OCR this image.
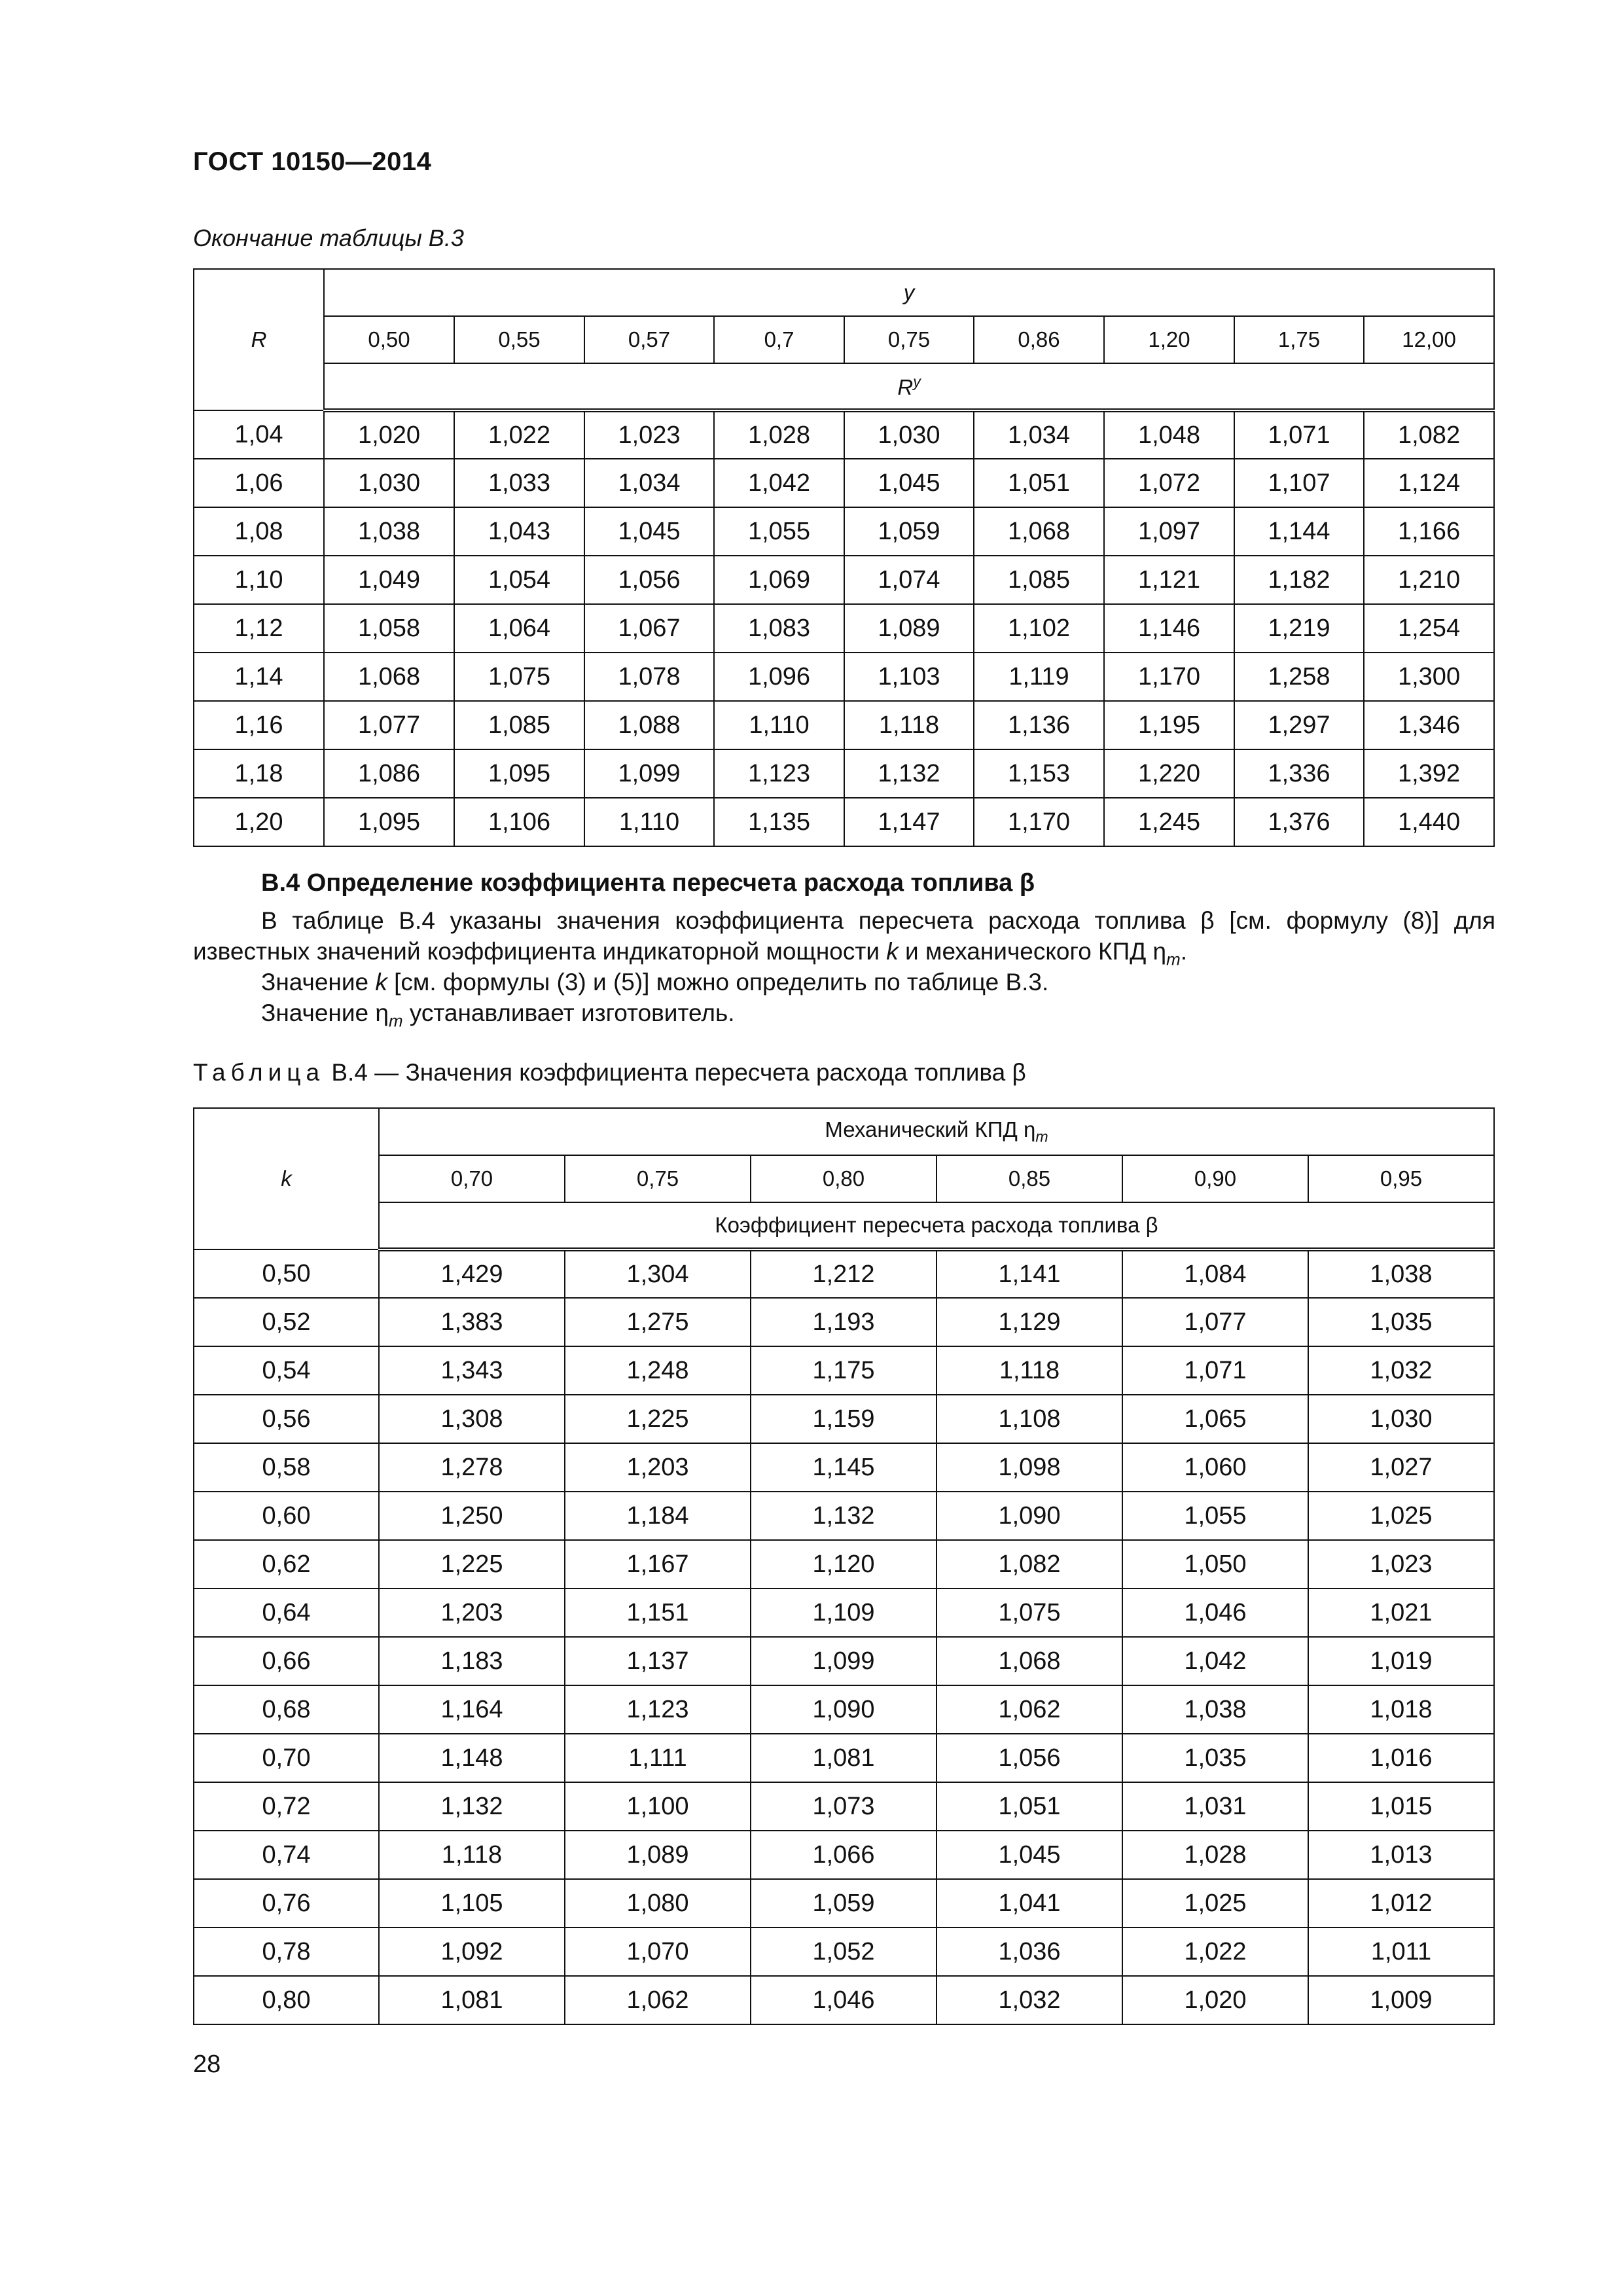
ГОСТ 10150—2014
Окончание таблицы В.3
R	y								
	0,50	0,55	0,57	0,7	0,75	0,86	1,20	1,75	12,00
	$R^y$
1,04	1,020	1,022	1,023	1,028	1,030	1,034	1,048	1,071	1,082
1,06	1,030	1,033	1,034	1,042	1,045	1,051	1,072	1,107	1,124
1,08	1,038	1,043	1,045	1,055	1,059	1,068	1,097	1,144	1,166
1,10	1,049	1,054	1,056	1,069	1,074	1,085	1,121	1,182	1,210
1,12	1,058	1,064	1,067	1,083	1,089	1,102	1,146	1,219	1,254
1,14	1,068	1,075	1,078	1,096	1,103	1,119	1,170	1,258	1,300
1,16	1,077	1,085	1,088	1,110	1,118	1,136	1,195	1,297	1,346
1,18	1,086	1,095	1,099	1,123	1,132	1,153	1,220	1,336	1,392
1,20	1,095	1,106	1,110	1,135	1,147	1,170	1,245	1,376	1,440
В.4 Определение коэффициента пересчета расхода топлива β
В таблице В.4 указаны значения коэффициента пересчета расхода топлива β [см. формулу (8)] для известных значений коэффициента индикаторной мощности k и механического КПД $\eta_m$.
Значение k [см. формулы (3) и (5)] можно определить по таблице В.3.
Значение $\eta_m$ устанавливает изготовитель.
Таблица В.4 — Значения коэффициента пересчета расхода топлива β
k	Механический КПД $\eta_m$
	0,70	0,75	0,80	0,85	0,90	0,95
	Коэффициент пересчета расхода топлива β					
0,50	1,429	1,304	1,212	1,141	1,084	1,038
0,52	1,383	1,275	1,193	1,129	1,077	1,035
0,54	1,343	1,248	1,175	1,118	1,071	1,032
0,56	1,308	1,225	1,159	1,108	1,065	1,030
0,58	1,278	1,203	1,145	1,098	1,060	1,027
0,60	1,250	1,184	1,132	1,090	1,055	1,025
0,62	1,225	1,167	1,120	1,082	1,050	1,023
0,64	1,203	1,151	1,109	1,075	1,046	1,021
0,66	1,183	1,137	1,099	1,068	1,042	1,019
0,68	1,164	1,123	1,090	1,062	1,038	1,018
0,70	1,148	1,111	1,081	1,056	1,035	1,016
0,72	1,132	1,100	1,073	1,051	1,031	1,015
0,74	1,118	1,089	1,066	1,045	1,028	1,013
0,76	1,105	1,080	1,059	1,041	1,025	1,012
0,78	1,092	1,070	1,052	1,036	1,022	1,011
0,80	1,081	1,062	1,046	1,032	1,020	1,009
28
